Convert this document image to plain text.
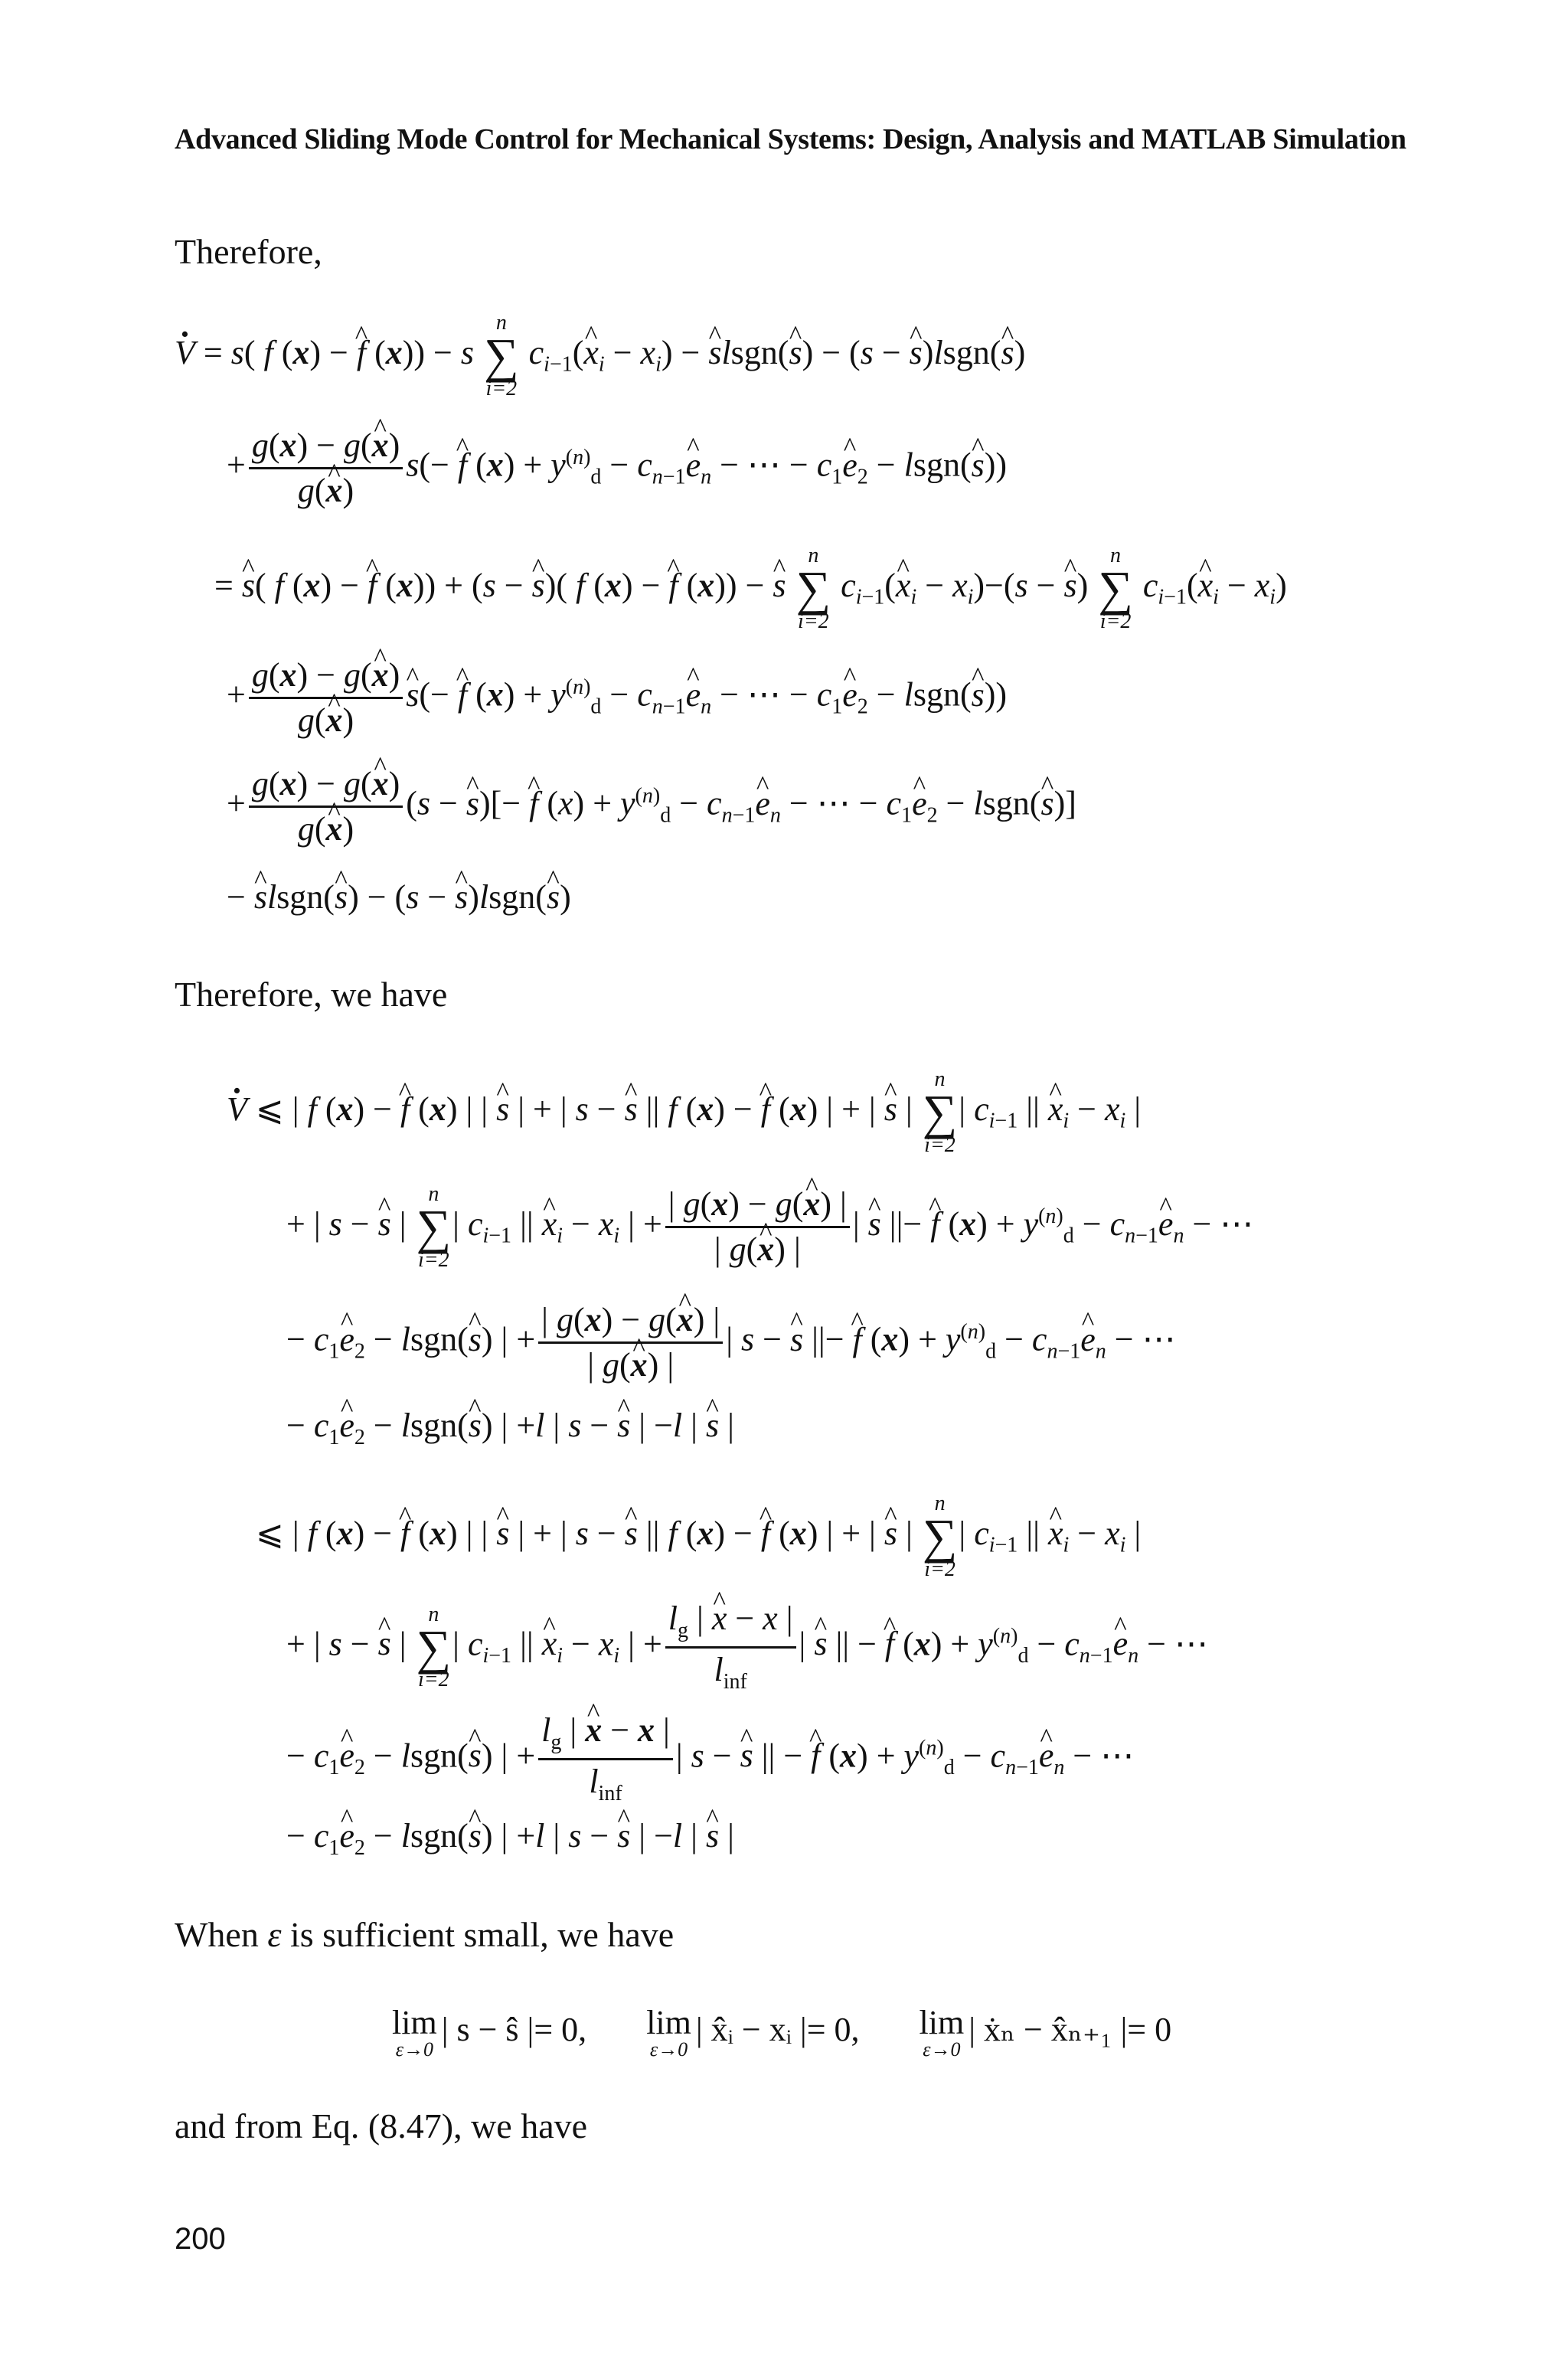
Advanced Sliding Mode Control for Mechanical Systems: Design, Analysis and MATLAB Simulation
Therefore,
· V = s( f (x) − ^ f (x)) − s
n
∑
i=2
$c_{i-1}(\^{}$ $x_i - x_i$) − ^ slsgn(^ s) − (s − ^ s)lsgn(^ s)
+ $\frac{g(x) - g(\^{} x)}{g(\^{} x)} s(-$ ^ f $(x) + y^{(n)}_d$ − $c_{n-1}\^{}$ $e_n$ − ⋯ − $c_1\^{}$ $e_2$ − lsgn(^ s))
= ^ s( f (x) − ^ f (x)) + (s − ^ s)( f (x) − ^ f (x)) − ^ s
n
∑
i=2
$c_{i-1}(\^{}$ $x_i - x_i)-(s$ − ^ s)
n
∑
i=2
$c_{i-1}(\^{}$ $x_i - x_i$)
+ $\frac{g(x) - g(\^{} x)}{g(\^{} x)}$
^ s(− ^ f $(x) + y^{(n)}_d$ − $c_{n-1}\^{}$ $e_n$ − ⋯ − $c_1\^{}$ $e_2$ − lsgn(^ s))
+ $\frac{g(x) - g(\^{} x)}{g(\^{} x)} (s$ − ^ s)[− ^ f $(x) + y^{(n)}_d$ − $c_{n-1}\^{}$ $e_n$ − ⋯ − $c_1\^{}$ $e_2$ − lsgn(^ s)]
− ^ slsgn(^ s) − (s − ^ s)lsgn(^ s)
Therefore, we have
· V ⩽ | f (x) − ^ f (x) | | ^ s | + | s − ^ s || f (x) − ^ f (x) | + | ^ s |
n
∑
i=2
| $c_{i-1}$ || ^ $x_i - x_i$ |
+ | s − ^ s |
n
∑
i=2
| $c_{i-1}$ || ^ $x_i - x_i$ | + $\frac{| g(x) - g(\^{} x) |}{| g(\^{} x) |}$ | ^ s ||− ^ f $(x) + y^{(n)}_d$ − $c_{n-1}\^{}$ $e_n$ − ⋯
− $c_1\^{}$ $e_2$ − lsgn(^ s) | + $\frac{| g(x) - g(\^{} x) |}{| g(\^{} x) |}$ | s − ^ s ||− ^ f $(x) + y^{(n)}_d$ − $c_{n-1}\^{}$ $e_n$ − ⋯
− $c_1\^{}$ $e_2$ − lsgn(^ s) | +l | s − ^ s | −l | ^ s |
⩽ | f (x) − ^ f (x) | | ^ s | + | s − ^ s || f (x) − ^ f (x) | + | ^ s |
n
∑
i=2
| $c_{i-1}$ || ^ $x_i - x_i$ |
+ | s − ^ s |
n
∑
i=2
| $c_{i-1}$ || ^ $x_i - x_i$ | + $\frac{l_g | \^{} x - x |}{l_{inf}}$ | ^ s || − ^ f $(x) + y^{(n)}_d$ − $c_{n-1}\^{}$ $e_n$ − ⋯
− $c_1\^{}$ $e_2$ − lsgn(^ s) | + $\frac{l_g | \^{} x - x |}{l_{inf}}$ | s − ^ s || − ^ f $(x) + y^{(n)}_d$ − $c_{n-1}\^{}$ $e_n$ − ⋯
− $c_1\^{}$ $e_2$ − lsgn(^ s) | +l | s − ^ s | −l | ^ s |
When ε is sufficient small, we have
lim
ε→0
| s − ŝ |= 0, lim
ε→0
| x̂ᵢ − xᵢ |= 0, lim
ε→0
| ẋₙ − x̂ₙ₊₁ |= 0
and from Eq. (8.47), we have
200
